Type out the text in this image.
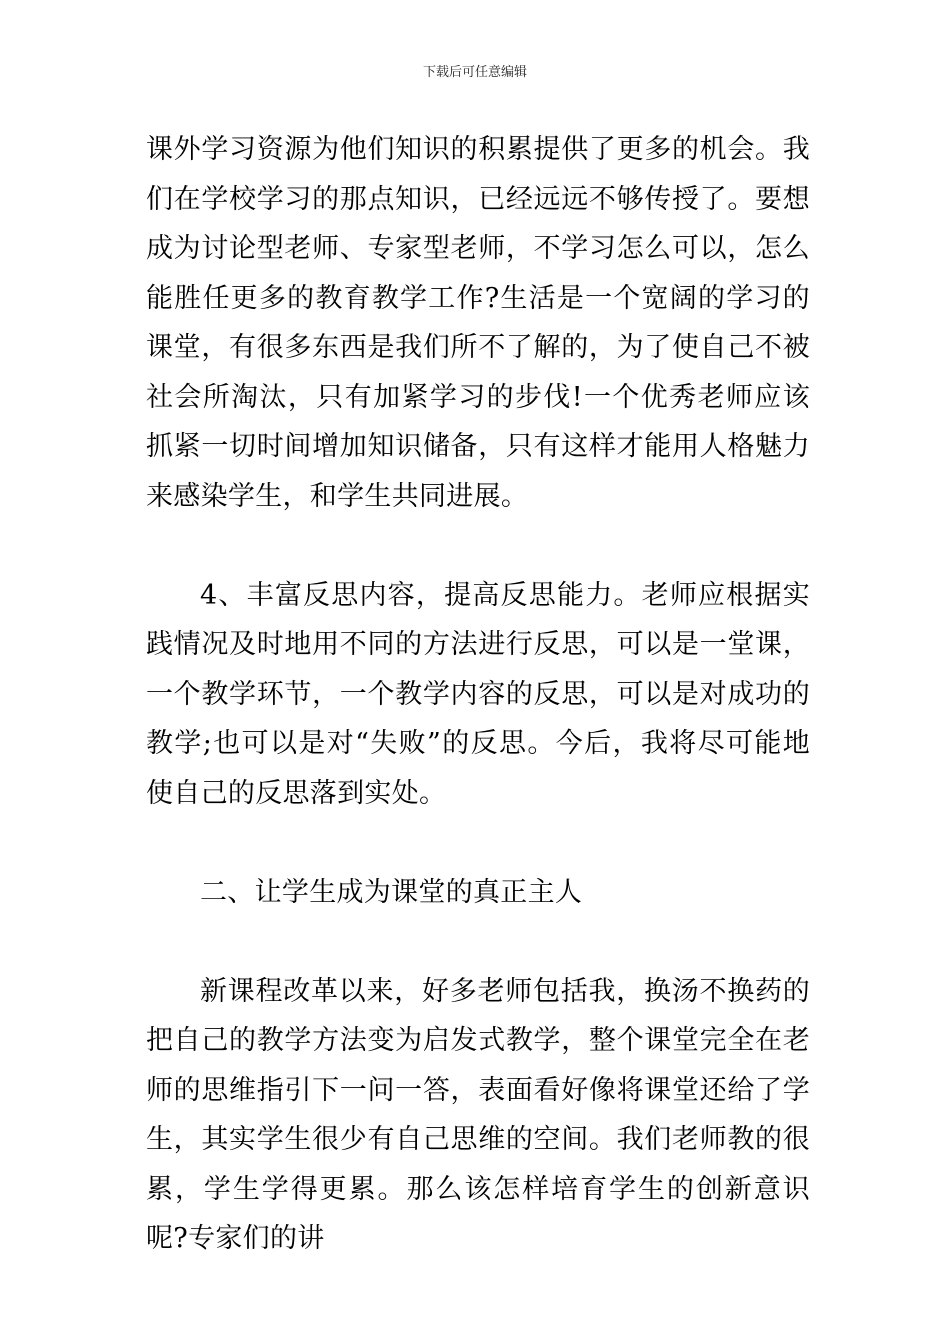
下载后可任意编辑

课外学习资源为他们知识的积累提供了更多的机会。我们在学校学习的那点知识，已经远远不够传授了。要想成为讨论型老师、专家型老师，不学习怎么可以，怎么能胜任更多的教育教学工作?生活是一个宽阔的学习的课堂，有很多东西是我们所不了解的，为了使自己不被社会所淘汰，只有加紧学习的步伐!一个优秀老师应该抓紧一切时间增加知识储备，只有这样才能用人格魅力来感染学生，和学生共同进展。

4、丰富反思内容，提高反思能力。老师应根据实践情况及时地用不同的方法进行反思，可以是一堂课，一个教学环节，一个教学内容的反思，可以是对成功的教学;也可以是对“失败”的反思。今后，我将尽可能地使自己的反思落到实处。

二、让学生成为课堂的真正主人

新课程改革以来，好多老师包括我，换汤不换药的把自己的教学方法变为启发式教学，整个课堂完全在老师的思维指引下一问一答，表面看好像将课堂还给了学生，其实学生很少有自己思维的空间。我们老师教的很累，学生学得更累。那么该怎样培育学生的创新意识呢?专家们的讲
